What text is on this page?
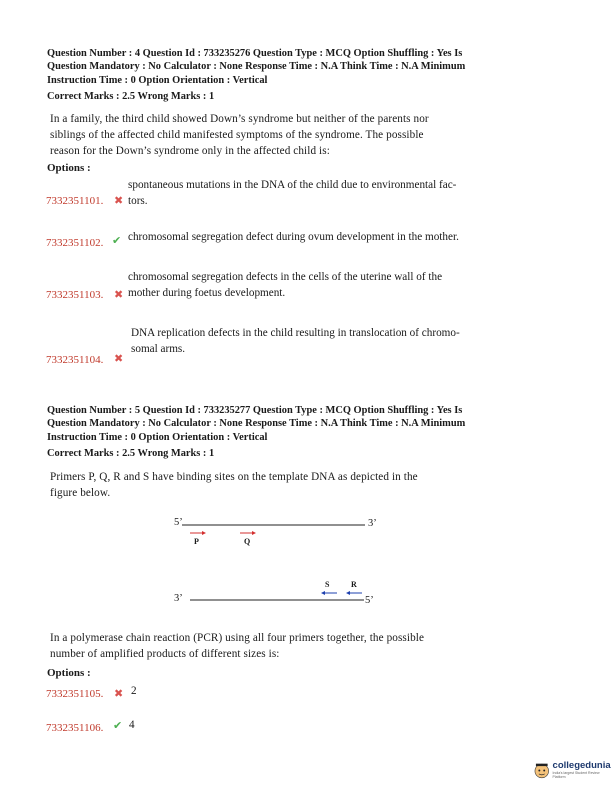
Question Number : 4 Question Id : 733235276 Question Type : MCQ Option Shuffling : Yes Is
Question Mandatory : No Calculator : None Response Time : N.A Think Time : N.A Minimum
Instruction Time : 0 Option Orientation : Vertical
Correct Marks : 2.5 Wrong Marks : 1
In a family, the third child showed Down’s syndrome but neither of the parents nor
siblings of the affected child manifested symptoms of the syndrome. The possible
reason for the Down’s syndrome only in the affected child is:
Options :
spontaneous mutations in the DNA of the child due to environmental fac-
tors.
7332351101. ✖
chromosomal segregation defect during ovum development in the mother.
7332351102. ✔
chromosomal segregation defects in the cells of the uterine wall of the
mother during foetus development.
7332351103. ✖
DNA replication defects in the child resulting in translocation of chromo-
somal arms.
7332351104. ✖
Question Number : 5 Question Id : 733235277 Question Type : MCQ Option Shuffling : Yes Is
Question Mandatory : No Calculator : None Response Time : N.A Think Time : N.A Minimum
Instruction Time : 0 Option Orientation : Vertical
Correct Marks : 2.5 Wrong Marks : 1
Primers P, Q, R and S have binding sites on the template DNA as depicted in the
figure below.
5’	3’
3’	5’
P	Q
S	R
In a polymerase chain reaction (PCR) using all four primers together, the possible
number of amplified products of different sizes is:
Options :
7332351105. ✖ 2
7332351106. ✔ 4
collegedunia
India's largest Student Review Platform
